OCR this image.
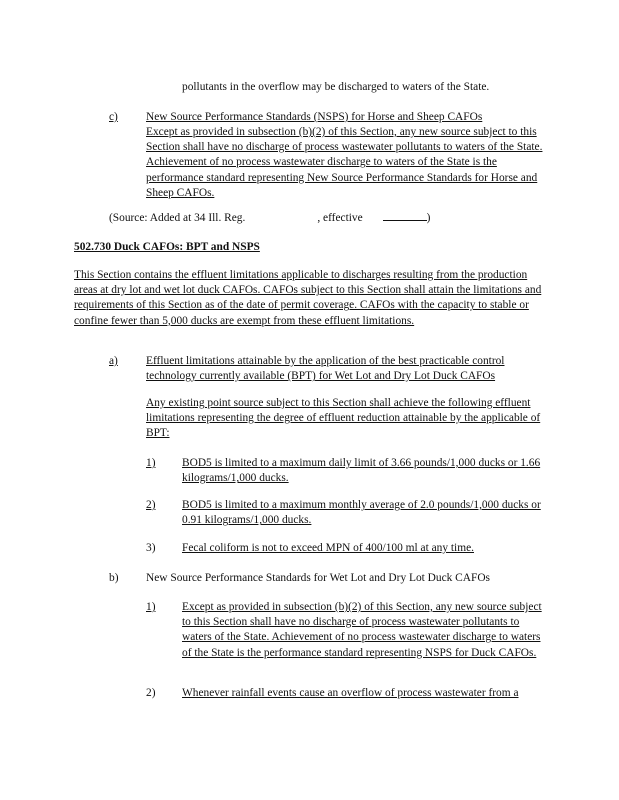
pollutants in the overflow may be discharged to waters of the State.

c) New Source Performance Standards (NSPS) for Horse and Sheep CAFOs

Except as provided in subsection (b)(2) of this Section, any new source subject to this Section shall have no discharge of process wastewater pollutants to waters of the State. Achievement of no process wastewater discharge to waters of the State is the performance standard representing New Source Performance Standards for Horse and Sheep CAFOs.

(Source: Added at 34 Ill. Reg.	, effective	)

502.730 Duck CAFOs: BPT and NSPS

This Section contains the effluent limitations applicable to discharges resulting from the production areas at dry lot and wet lot duck CAFOs. CAFOs subject to this Section shall attain the limitations and requirements of this Section as of the date of permit coverage. CAFOs with the capacity to stable or confine fewer than 5,000 ducks are exempt from these effluent limitations.

a) Effluent limitations attainable by the application of the best practicable control technology currently available (BPT) for Wet Lot and Dry Lot Duck CAFOs

Any existing point source subject to this Section shall achieve the following effluent limitations representing the degree of effluent reduction attainable by the applicable of BPT:

1) BOD5 is limited to a maximum daily limit of 3.66 pounds/1,000 ducks or 1.66 kilograms/1,000 ducks.

2) BOD5 is limited to a maximum monthly average of 2.0 pounds/1,000 ducks or 0.91 kilograms/1,000 ducks.

3) Fecal coliform is not to exceed MPN of 400/100 ml at any time.

b) New Source Performance Standards for Wet Lot and Dry Lot Duck CAFOs

1) Except as provided in subsection (b)(2) of this Section, any new source subject to this Section shall have no discharge of process wastewater pollutants to waters of the State. Achievement of no process wastewater discharge to waters of the State is the performance standard representing NSPS for Duck CAFOs.

2) Whenever rainfall events cause an overflow of process wastewater from a
